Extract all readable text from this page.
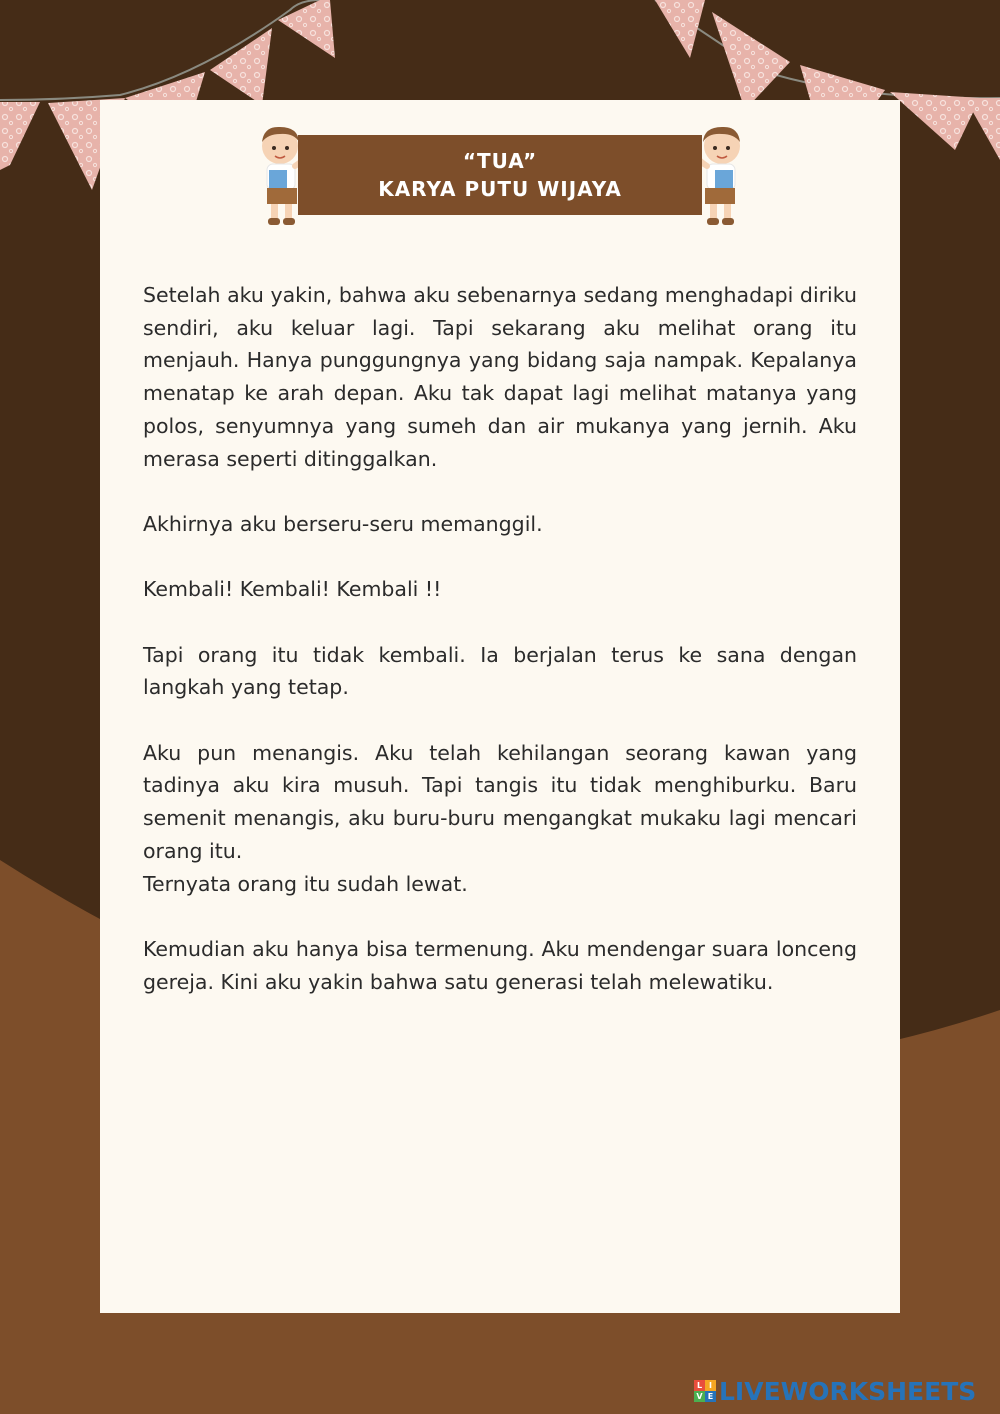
“TUA”
KARYA PUTU WIJAYA

Setelah aku yakin, bahwa aku sebenarnya sedang menghadapi diriku sendiri, aku keluar lagi. Tapi sekarang aku melihat orang itu menjauh. Hanya punggungnya yang bidang saja nampak. Kepalanya menatap ke arah depan. Aku tak dapat lagi melihat matanya yang polos, senyumnya yang sumeh dan air mukanya yang jernih. Aku merasa seperti ditinggalkan.

Akhirnya aku berseru-seru memanggil.

Kembali! Kembali! Kembali !!

Tapi orang itu tidak kembali. Ia berjalan terus ke sana dengan langkah yang tetap.

Aku pun menangis. Aku telah kehilangan seorang kawan yang tadinya aku kira musuh. Tapi tangis itu tidak menghiburku. Baru semenit menangis, aku buru-buru mengangkat mukaku lagi mencari orang itu.
Ternyata orang itu sudah lewat.

Kemudian aku hanya bisa termenung. Aku mendengar suara lonceng gereja. Kini aku yakin bahwa satu generasi telah melewatiku.

L I
V E LIVEWORKSHEETS
